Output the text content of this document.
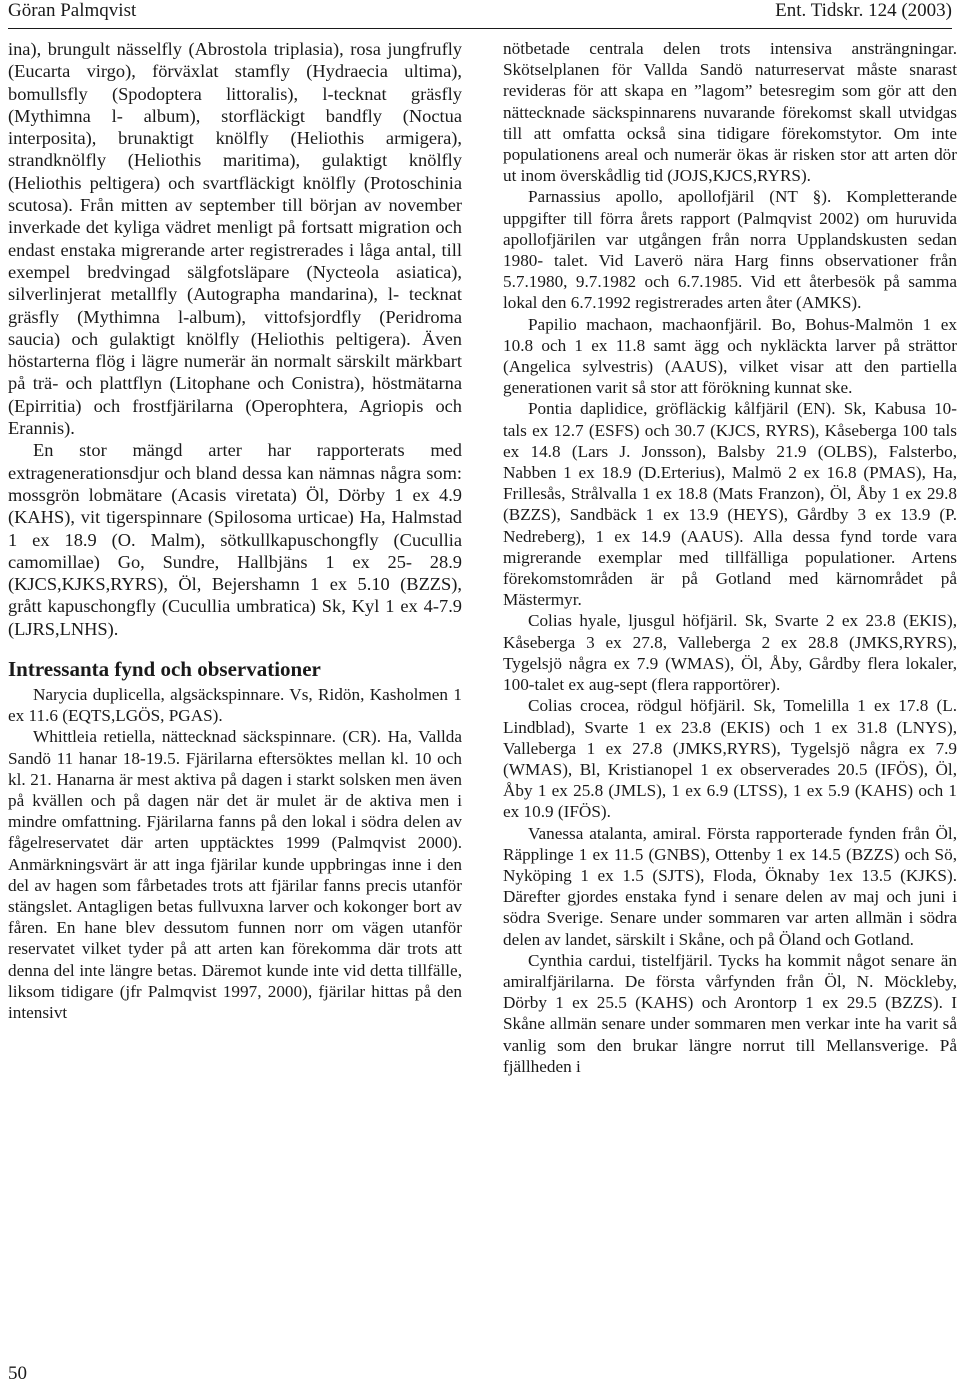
Göran Palmqvist	Ent. Tidskr. 124 (2003)

ina), brungult nässelfly (Abrostola triplasia), rosa jungfrufly (Eucarta virgo), förväxlat stamfly (Hydraecia ultima), bomullsfly (Spodoptera littoralis), l-tecknat gräsfly (Mythimna l- album), storfläckigt bandfly (Noctua interposita), brunaktigt knölfly (Heliothis armigera), strandknölfly (Heliothis maritima), gulaktigt knölfly (Heliothis peltigera) och svartfläckigt knölfly (Protoschinia scutosa). Från mitten av september till början av november inverkade det kyliga vädret menligt på fortsatt migration och endast enstaka migrerande arter registrerades i låga antal, till exempel bredvingad sälgfotsläpare (Nycteola asiatica), silverlinjerat metallfly (Autographa mandarina), l- tecknat gräsfly (Mythimna l-album), vittofsjordfly (Peridroma saucia) och gulaktigt knölfly (Heliothis peltigera). Även höstarterna flög i lägre numerär än normalt särskilt märkbart på trä- och plattflyn (Litophane och Conistra), höstmätarna (Epirritia) och frostfjärilarna (Operophtera, Agriopis och Erannis).

En stor mängd arter har rapporterats med extragenerationsdjur och bland dessa kan nämnas några som: mossgrön lobmätare (Acasis viretata) Öl, Dörby 1 ex 4.9 (KAHS), vit tigerspinnare (Spilosoma urticae) Ha, Halmstad 1 ex 18.9 (O. Malm), sötkullkapuschongfly (Cucullia camomillae) Go, Sundre, Hallbjäns 1 ex 25- 28.9 (KJCS,KJKS,RYRS), Öl, Bejershamn 1 ex 5.10 (BZZS), grått kapuschongfly (Cucullia umbratica) Sk, Kyl 1 ex 4-7.9 (LJRS,LNHS).

Intressanta fynd och observationer

Narycia duplicella, algsäckspinnare. Vs, Ridön, Kasholmen 1 ex 11.6 (EQTS,LGÖS, PGAS).

Whittleia retiella, nättecknad säckspinnare. (CR). Ha, Vallda Sandö 11 hanar 18-19.5. Fjärilarna eftersöktes mellan kl. 10 och kl. 21. Hanarna är mest aktiva på dagen i starkt solsken men även på kvällen och på dagen när det är mulet är de aktiva men i mindre omfattning. Fjärilarna fanns på den lokal i södra delen av fågelreservatet där arten upptäcktes 1999 (Palmqvist 2000). Anmärkningsvärt är att inga fjärilar kunde uppbringas inne i den del av hagen som fårbetades trots att fjärilar fanns precis utanför stängslet. Antagligen betas fullvuxna larver och kokonger bort av fåren. En hane blev dessutom funnen norr om vägen utanför reservatet vilket tyder på att arten kan förekomma där trots att denna del inte längre betas. Däremot kunde inte vid detta tillfälle, liksom tidigare (jfr Palmqvist 1997, 2000), fjärilar hittas på den intensivt

nötbetade centrala delen trots intensiva ansträngningar. Skötselplanen för Vallda Sandö naturreservat måste snarast revideras för att skapa en ”lagom” betesregim som gör att den nättecknade säckspinnarens nuvarande förekomst skall utvidgas till att omfatta också sina tidigare förekomstytor. Om inte populationens areal och numerär ökas är risken stor att arten dör ut inom överskådlig tid (JOJS,KJCS,RYRS).

Parnassius apollo, apollofjäril (NT §). Kompletterande uppgifter till förra årets rapport (Palmqvist 2002) om huruvida apollofjärilen var utgången från norra Upplandskusten sedan 1980- talet. Vid Laverö nära Harg finns observationer från 5.7.1980, 9.7.1982 och 6.7.1985. Vid ett återbesök på samma lokal den 6.7.1992 registrerades arten åter (AMKS).

Papilio machaon, machaonfjäril. Bo, Bohus-Malmön 1 ex 10.8 och 1 ex 11.8 samt ägg och nykläckta larver på strättor (Angelica sylvestris) (AAUS), vilket visar att den partiella generationen varit så stor att förökning kunnat ske.

Pontia daplidice, gröfläckig kålfjäril (EN). Sk, Kabusa 10- tals ex 12.7 (ESFS) och 30.7 (KJCS, RYRS), Kåseberga 100 tals ex 14.8 (Lars J. Jonsson), Balsby 21.9 (OLBS), Falsterbo, Nabben 1 ex 18.9 (D.Erterius), Malmö 2 ex 16.8 (PMAS), Ha, Frillesås, Strålvalla 1 ex 18.8 (Mats Franzon), Öl, Åby 1 ex 29.8 (BZZS), Sandbäck 1 ex 13.9 (HEYS), Gårdby 3 ex 13.9 (P. Nedreberg), 1 ex 14.9 (AAUS). Alla dessa fynd torde vara migrerande exemplar med tillfälliga populationer. Artens förekomstområden är på Gotland med kärnområdet på Mästermyr.

Colias hyale, ljusgul höfjäril. Sk, Svarte 2 ex 23.8 (EKIS), Kåseberga 3 ex 27.8, Valleberga 2 ex 28.8 (JMKS,RYRS), Tygelsjö några ex 7.9 (WMAS), Öl, Åby, Gårdby flera lokaler, 100-talet ex aug-sept (flera rapportörer).

Colias crocea, rödgul höfjäril. Sk, Tomelilla 1 ex 17.8 (L. Lindblad), Svarte 1 ex 23.8 (EKIS) och 1 ex 31.8 (LNYS), Valleberga 1 ex 27.8 (JMKS,RYRS), Tygelsjö några ex 7.9 (WMAS), Bl, Kristianopel 1 ex observerades 20.5 (IFÖS), Öl, Åby 1 ex 25.8 (JMLS), 1 ex 6.9 (LTSS), 1 ex 5.9 (KAHS) och 1 ex 10.9 (IFÖS).

Vanessa atalanta, amiral. Första rapporterade fynden från Öl, Räpplinge 1 ex 11.5 (GNBS), Ottenby 1 ex 14.5 (BZZS) och Sö, Nyköping 1 ex 1.5 (SJTS), Floda, Öknaby 1ex 13.5 (KJKS). Därefter gjordes enstaka fynd i senare delen av maj och juni i södra Sverige. Senare under sommaren var arten allmän i södra delen av landet, särskilt i Skåne, och på Öland och Gotland.

Cynthia cardui, tistelfjäril. Tycks ha kommit något senare än amiralfjärilarna. De första vårfynden från Öl, N. Möckleby, Dörby 1 ex 25.5 (KAHS) och Arontorp 1 ex 29.5 (BZZS). I Skåne allmän senare under sommaren men verkar inte ha varit så vanlig som den brukar längre norrut till Mellansverige. På fjällheden i

50
